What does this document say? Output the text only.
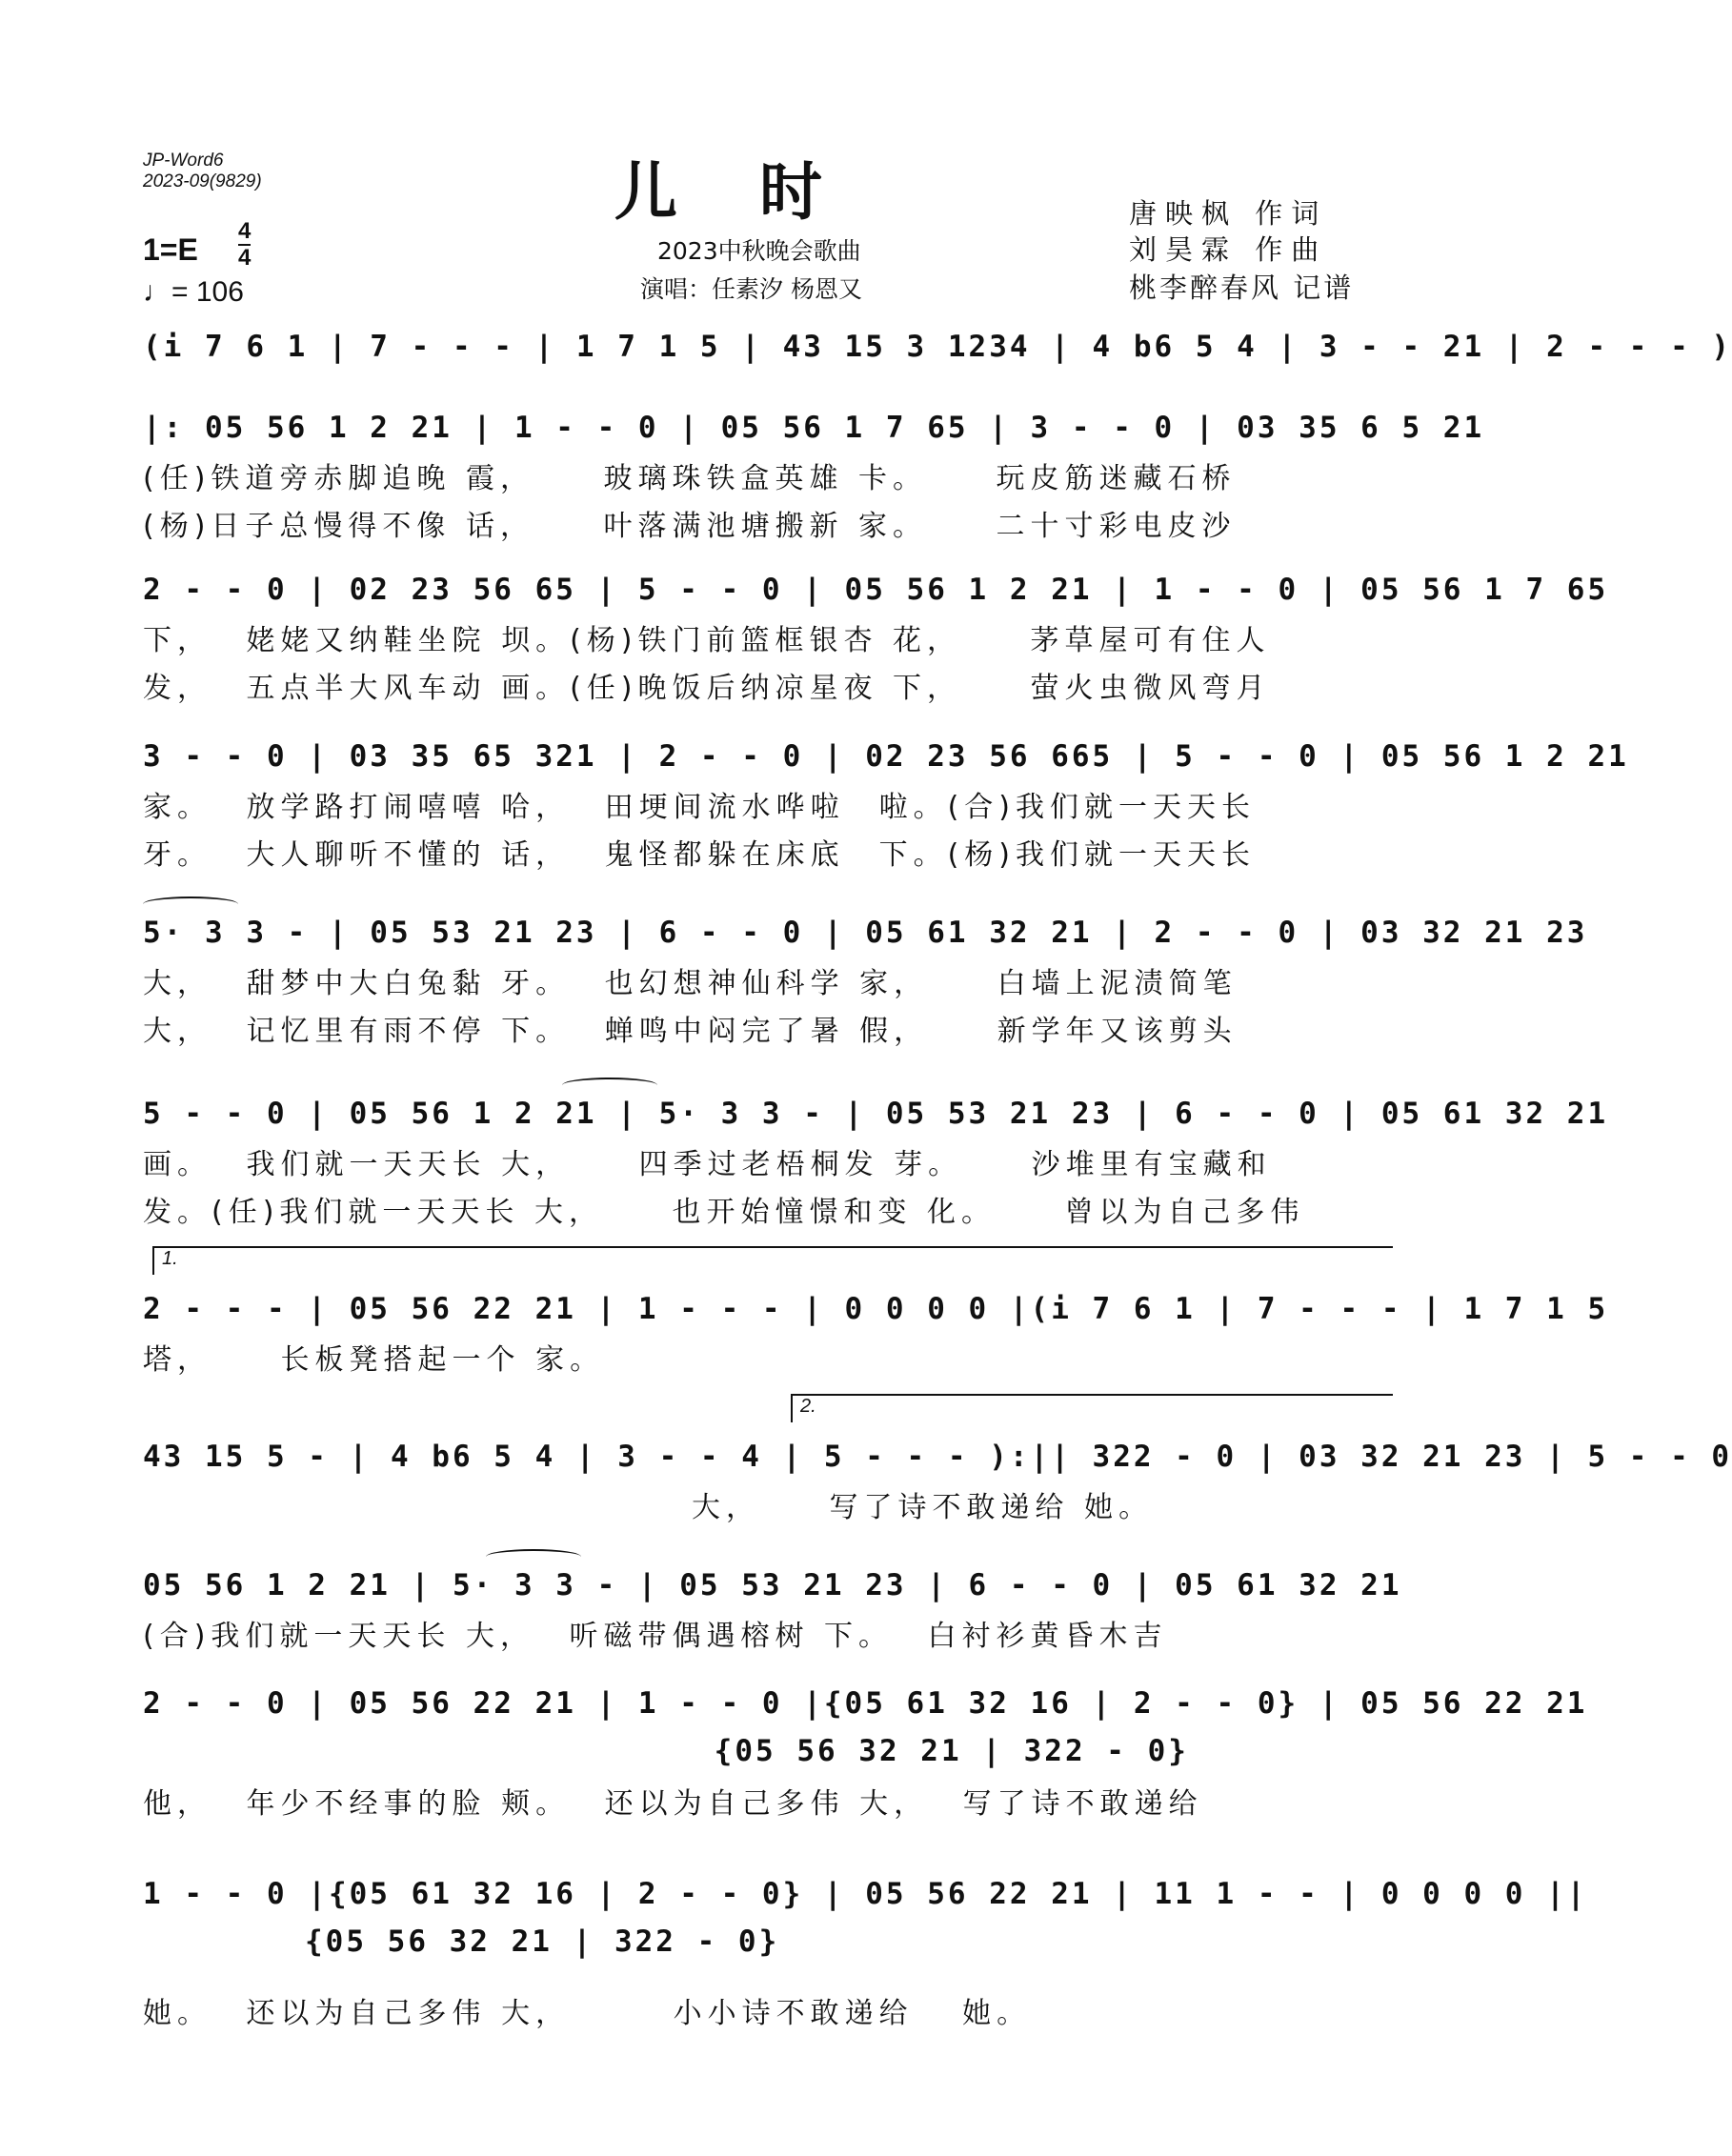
JP-Word6
2023-09(9829)	儿　时
2023中秋晚会歌曲
演唱：任素汐 杨恩又
唐映枫 作词
刘昊霖 作曲
桃李醉春风 记谱
1=E
4
4
♩= 106
(i 7 6 1 | 7 - - - | 1 7 1 5 | 43 15 3 1234 | 4 b6 5 4 | 3 - - 21 | 2 - - - )
|: 05 56 1 2 21 | 1 - - 0 | 05 56 1 7 65 | 3 - - 0 | 03 35 6 5 21
(任)铁道旁赤脚追晚 霞，　　 玻璃珠铁盒英雄 卡。　　 玩皮筋迷藏石桥
(杨)日子总慢得不像 话，　　 叶落满池塘搬新 家。　　 二十寸彩电皮沙
2 - - 0 | 02 23 56 65 | 5 - - 0 | 05 56 1 2 21 | 1 - - 0 | 05 56 1 7 65
下，　 姥姥又纳鞋坐院 坝。(杨)铁门前篮框银杏 花，　　 茅草屋可有住人
发，　 五点半大风车动 画。(任)晚饭后纳凉星夜 下，　　 萤火虫微风弯月
3 - - 0 | 03 35 65 321 | 2 - - 0 | 02 23 56 665 | 5 - - 0 | 05 56 1 2 21
家。　 放学路打闹嘻嘻 哈，　 田埂间流水哗啦　啦。(合)我们就一天天长
牙。　 大人聊听不懂的 话，　 鬼怪都躲在床底　下。(杨)我们就一天天长
5· 3 3 - | 05 53 21 23 | 6 - - 0 | 05 61 32 21 | 2 - - 0 | 03 32 21 23
大，　 甜梦中大白兔黏 牙。　 也幻想神仙科学 家，　　 白墙上泥渍简笔
大，　 记忆里有雨不停 下。　 蝉鸣中闷完了暑 假，　　 新学年又该剪头
5 - - 0 | 05 56 1 2 21 | 5· 3 3 - | 05 53 21 23 | 6 - - 0 | 05 61 32 21
画。　 我们就一天天长 大，　　 四季过老梧桐发 芽。　　 沙堆里有宝藏和
发。(任)我们就一天天长 大，　　 也开始憧憬和变 化。　　 曾以为自己多伟
1.
2 - - - | 05 56 22 21 | 1 - - - | 0 0 0 0 |(i 7 6 1 | 7 - - - | 1 7 1 5
塔，　　 长板凳搭起一个 家。
2.
43 15 5 - | 4 b6 5 4 | 3 - - 4 | 5 - - - ):|| 322 - 0 | 03 32 21 23 | 5 - - 0
　　　　　　　　　　　　　　　　大，　　 写了诗不敢递给 她。
05 56 1 2 21 | 5· 3 3 - | 05 53 21 23 | 6 - - 0 | 05 61 32 21
(合)我们就一天天长 大，　 听磁带偶遇榕树 下。　 白衬衫黄昏木吉
2 - - 0 | 05 56 22 21 | 1 - - 0 |{05 61 32 16 | 2 - - 0} | 05 56 22 21
　　　　　　　　　　　　　　　　　 {05 56 32 21 | 322 - 0}
他，　 年少不经事的脸 颊。　 还以为自己多伟 大，　 写了诗不敢递给
1 - - 0 |{05 61 32 16 | 2 - - 0} | 05 56 22 21 | 11 1 - - | 0 0 0 0 ||
　　　　　{05 56 32 21 | 322 - 0}
她。　 还以为自己多伟 大，　　　 小小诗不敢递给　 她。
